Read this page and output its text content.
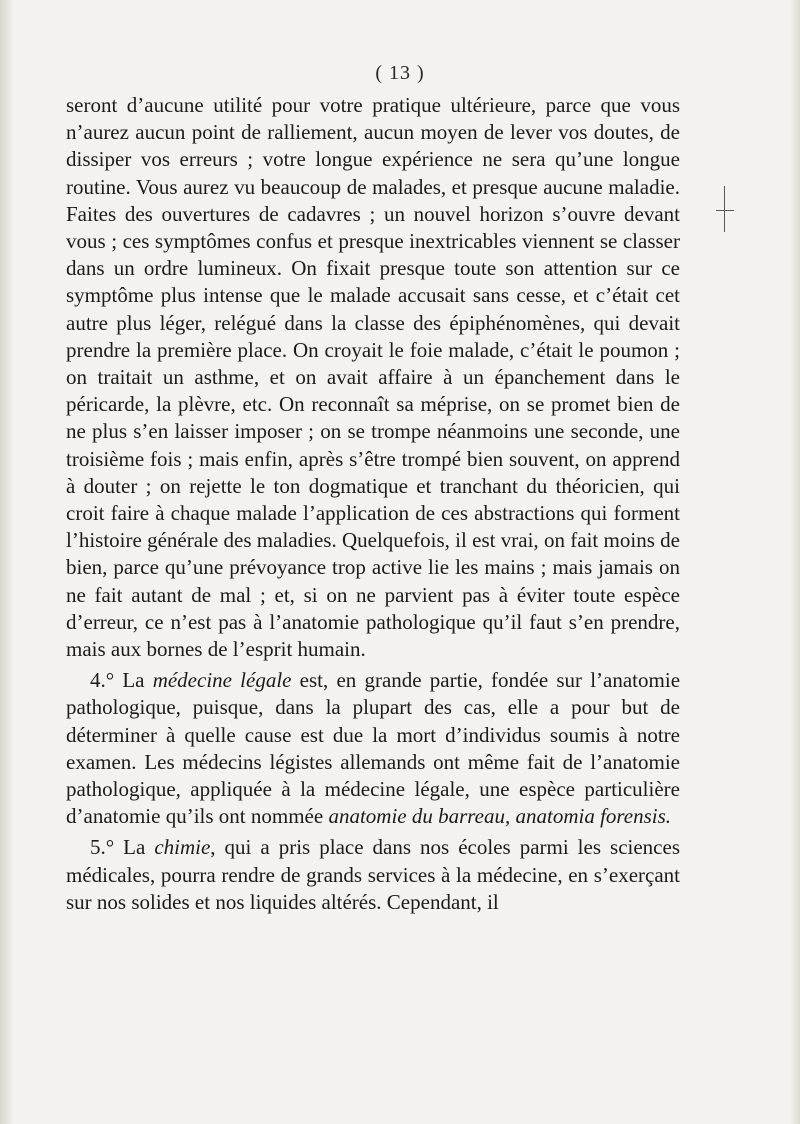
( 13 )

seront d’aucune utilité pour votre pratique ultérieure, parce que vous n’aurez aucun point de ralliement, aucun moyen de lever vos doutes, de dissiper vos erreurs ; votre longue expérience ne sera qu’une longue routine. Vous aurez vu beaucoup de malades, et presque aucune maladie. Faites des ouvertures de cadavres ; un nouvel horizon s’ouvre devant vous ; ces symptômes confus et presque inextricables viennent se classer dans un ordre lumineux. On fixait presque toute son attention sur ce symptôme plus intense que le malade accusait sans cesse, et c’était cet autre plus léger, relégué dans la classe des épiphénomènes, qui devait prendre la première place. On croyait le foie malade, c’était le poumon ; on traitait un asthme, et on avait affaire à un épanchement dans le péricarde, la plèvre, etc. On reconnaît sa méprise, on se promet bien de ne plus s’en laisser imposer ; on se trompe néanmoins une seconde, une troisième fois ; mais enfin, après s’être trompé bien souvent, on apprend à douter ; on rejette le ton dogmatique et tranchant du théoricien, qui croit faire à chaque malade l’application de ces abstractions qui forment l’histoire générale des maladies. Quelquefois, il est vrai, on fait moins de bien, parce qu’une prévoyance trop active lie les mains ; mais jamais on ne fait autant de mal ; et, si on ne parvient pas à éviter toute espèce d’erreur, ce n’est pas à l’anatomie pathologique qu’il faut s’en prendre, mais aux bornes de l’esprit humain.

4.° La médecine légale est, en grande partie, fondée sur l’anatomie pathologique, puisque, dans la plupart des cas, elle a pour but de déterminer à quelle cause est due la mort d’individus soumis à notre examen. Les médecins légistes allemands ont même fait de l’anatomie pathologique, appliquée à la médecine légale, une espèce particulière d’anatomie qu’ils ont nommée anatomie du barreau, anatomia forensis.

5.° La chimie, qui a pris place dans nos écoles parmi les sciences médicales, pourra rendre de grands services à la médecine, en s’exerçant sur nos solides et nos liquides altérés. Cependant, il
